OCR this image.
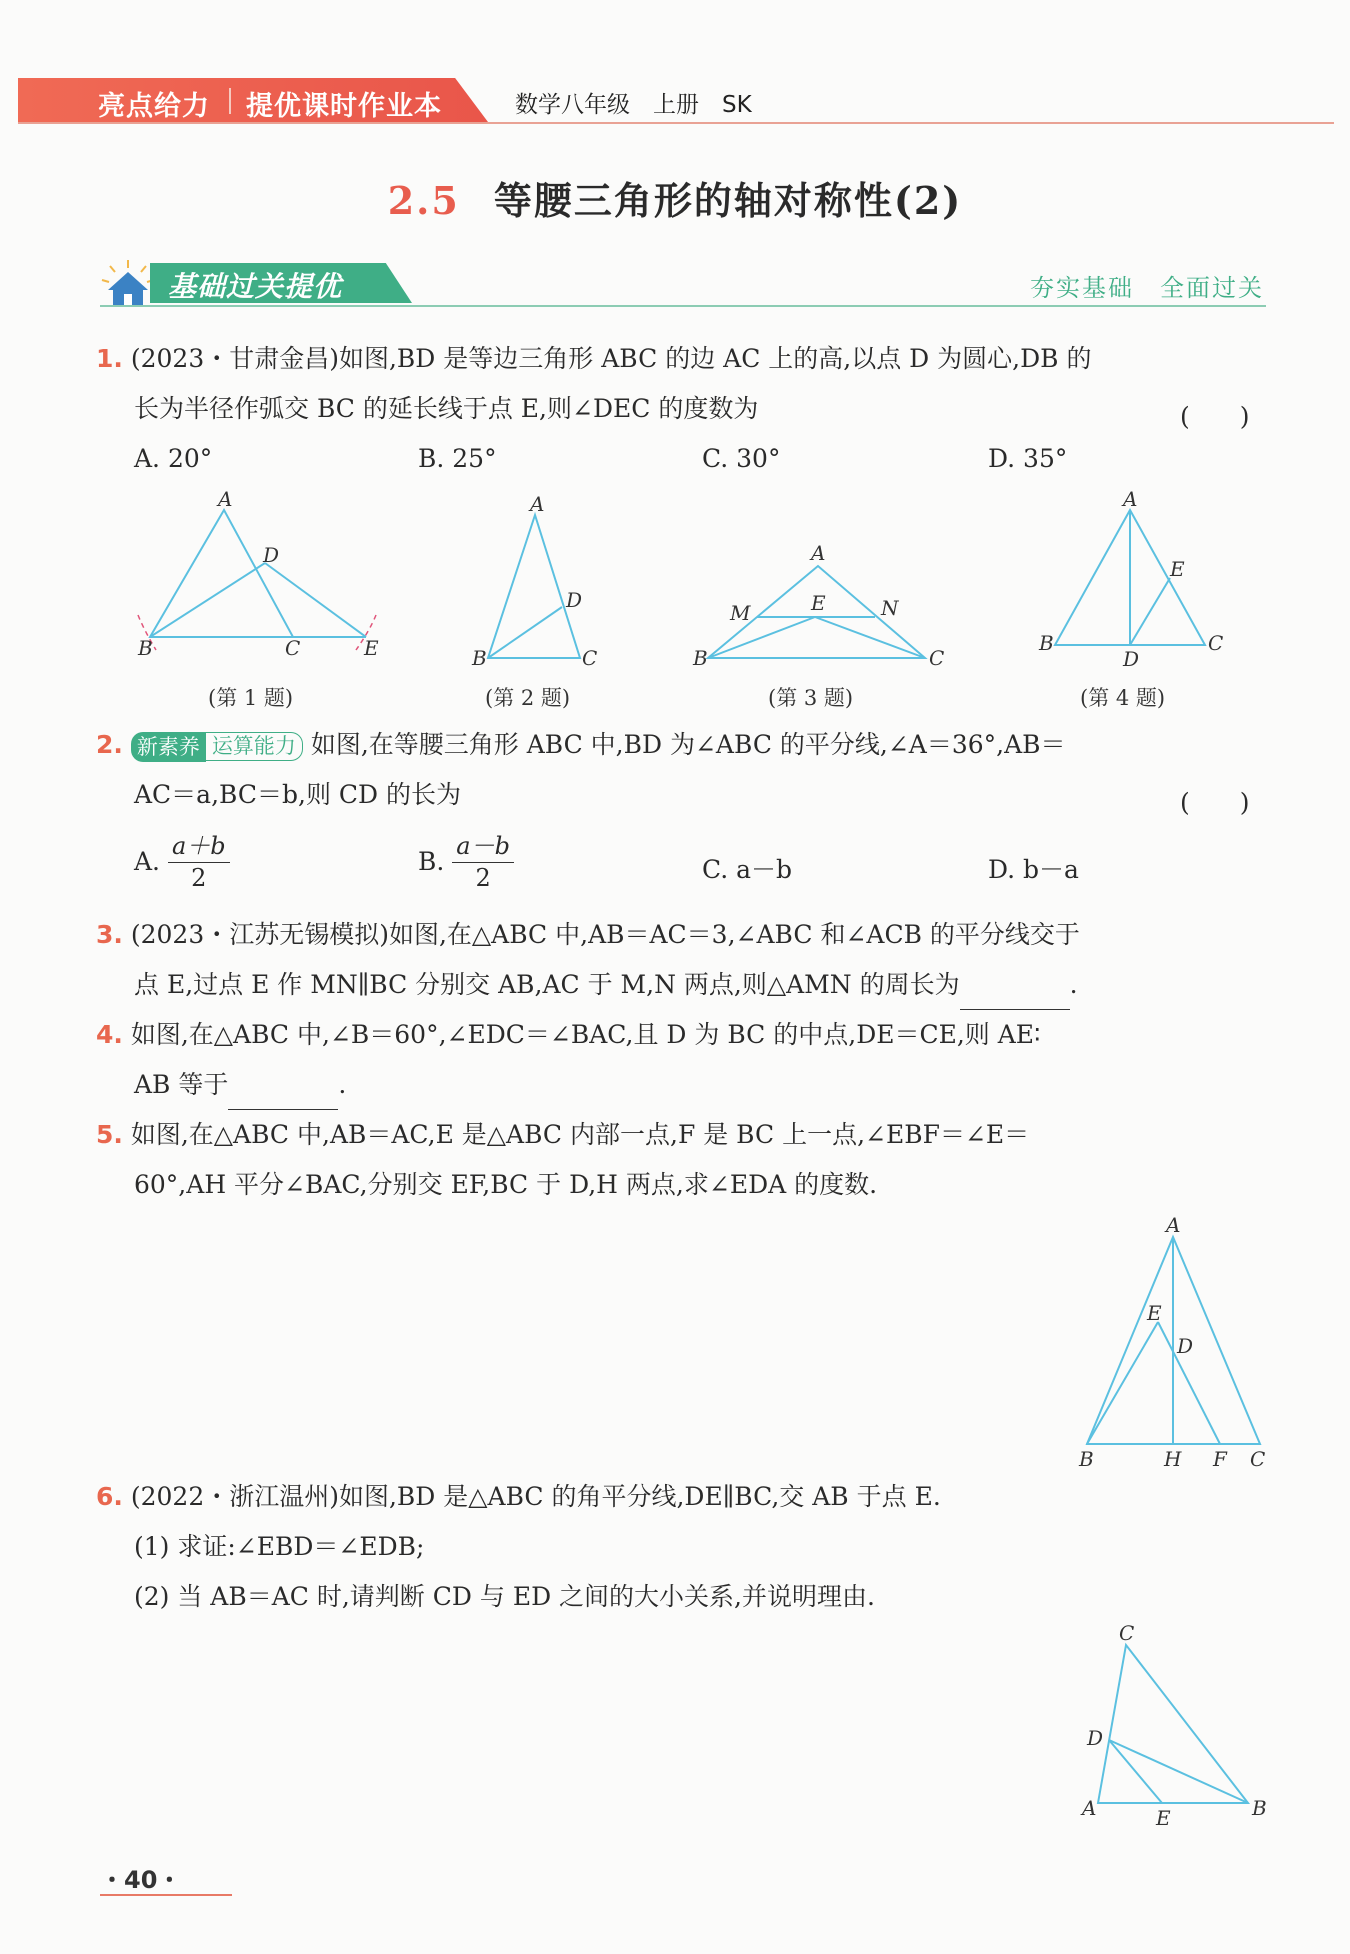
亮点给力 提优课时作业本	数学八年级　上册　SK
2.5 等腰三角形的轴对称性(2)
基础过关提优	夯实基础　全面过关
1. (2023・甘肃金昌)如图,BD 是等边三角形 ABC 的边 AC 上的高,以点 D 为圆心,DB 的
长为半径作弧交 BC 的延长线于点 E,则∠DEC 的度数为	(　　)
A. 20°	B. 25°	C. 30°	D. 35°
A
D
B	C	E
A
D
B	C
A
M	E	N
B	C
A
E
B
D
C
(第 1 题)	(第 2 题)	(第 3 题)	(第 4 题)
2. 新素养 运算能力 如图,在等腰三角形 ABC 中,BD 为∠ABC 的平分线,∠A＝36°,AB＝
AC＝a,BC＝b,则 CD 的长为	(　　)
A. $\frac{a+b}{2}$	B. $\frac{a-b}{2}$	C. a－b	D. b－a
3. (2023・江苏无锡模拟)如图,在△ABC 中,AB＝AC＝3,∠ABC 和∠ACB 的平分线交于
点 E,过点 E 作 MN∥BC 分别交 AB,AC 于 M,N 两点,则△AMN 的周长为	.
4. 如图,在△ABC 中,∠B＝60°,∠EDC＝∠BAC,且 D 为 BC 的中点,DE＝CE,则 AE∶
AB 等于	.
5. 如图,在△ABC 中,AB＝AC,E 是△ABC 内部一点,F 是 BC 上一点,∠EBF＝∠E＝
60°,AH 平分∠BAC,分别交 EF,BC 于 D,H 两点,求∠EDA 的度数.
A
E
D
B	H F C
6. (2022・浙江温州)如图,BD 是△ABC 的角平分线,DE∥BC,交 AB 于点 E.
(1) 求证:∠EBD＝∠EDB;
(2) 当 AB＝AC 时,请判断 CD 与 ED 之间的大小关系,并说明理由.
C
D
A	E	B
・40・
